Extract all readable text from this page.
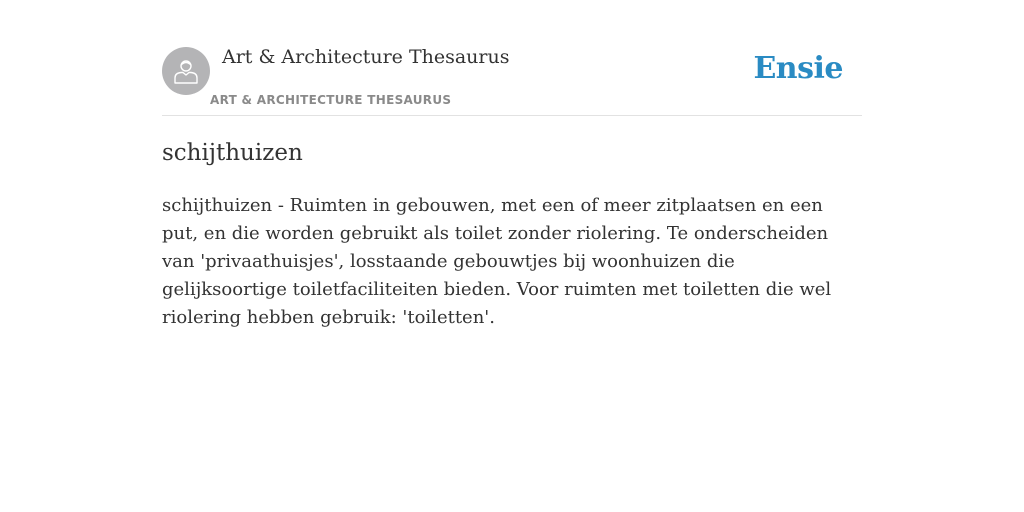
Art & Architecture Thesaurus
ART & ARCHITECTURE THESAURUS
Ensie
schijthuizen

schijthuizen - Ruimten in gebouwen, met een of meer zitplaatsen en een put, en die worden gebruikt als toilet zonder riolering. Te onderscheiden van 'privaathuisjes', losstaande gebouwtjes bij woonhuizen die gelijksoortige toiletfaciliteiten bieden. Voor ruimten met toiletten die wel riolering hebben gebruik: 'toiletten'.
